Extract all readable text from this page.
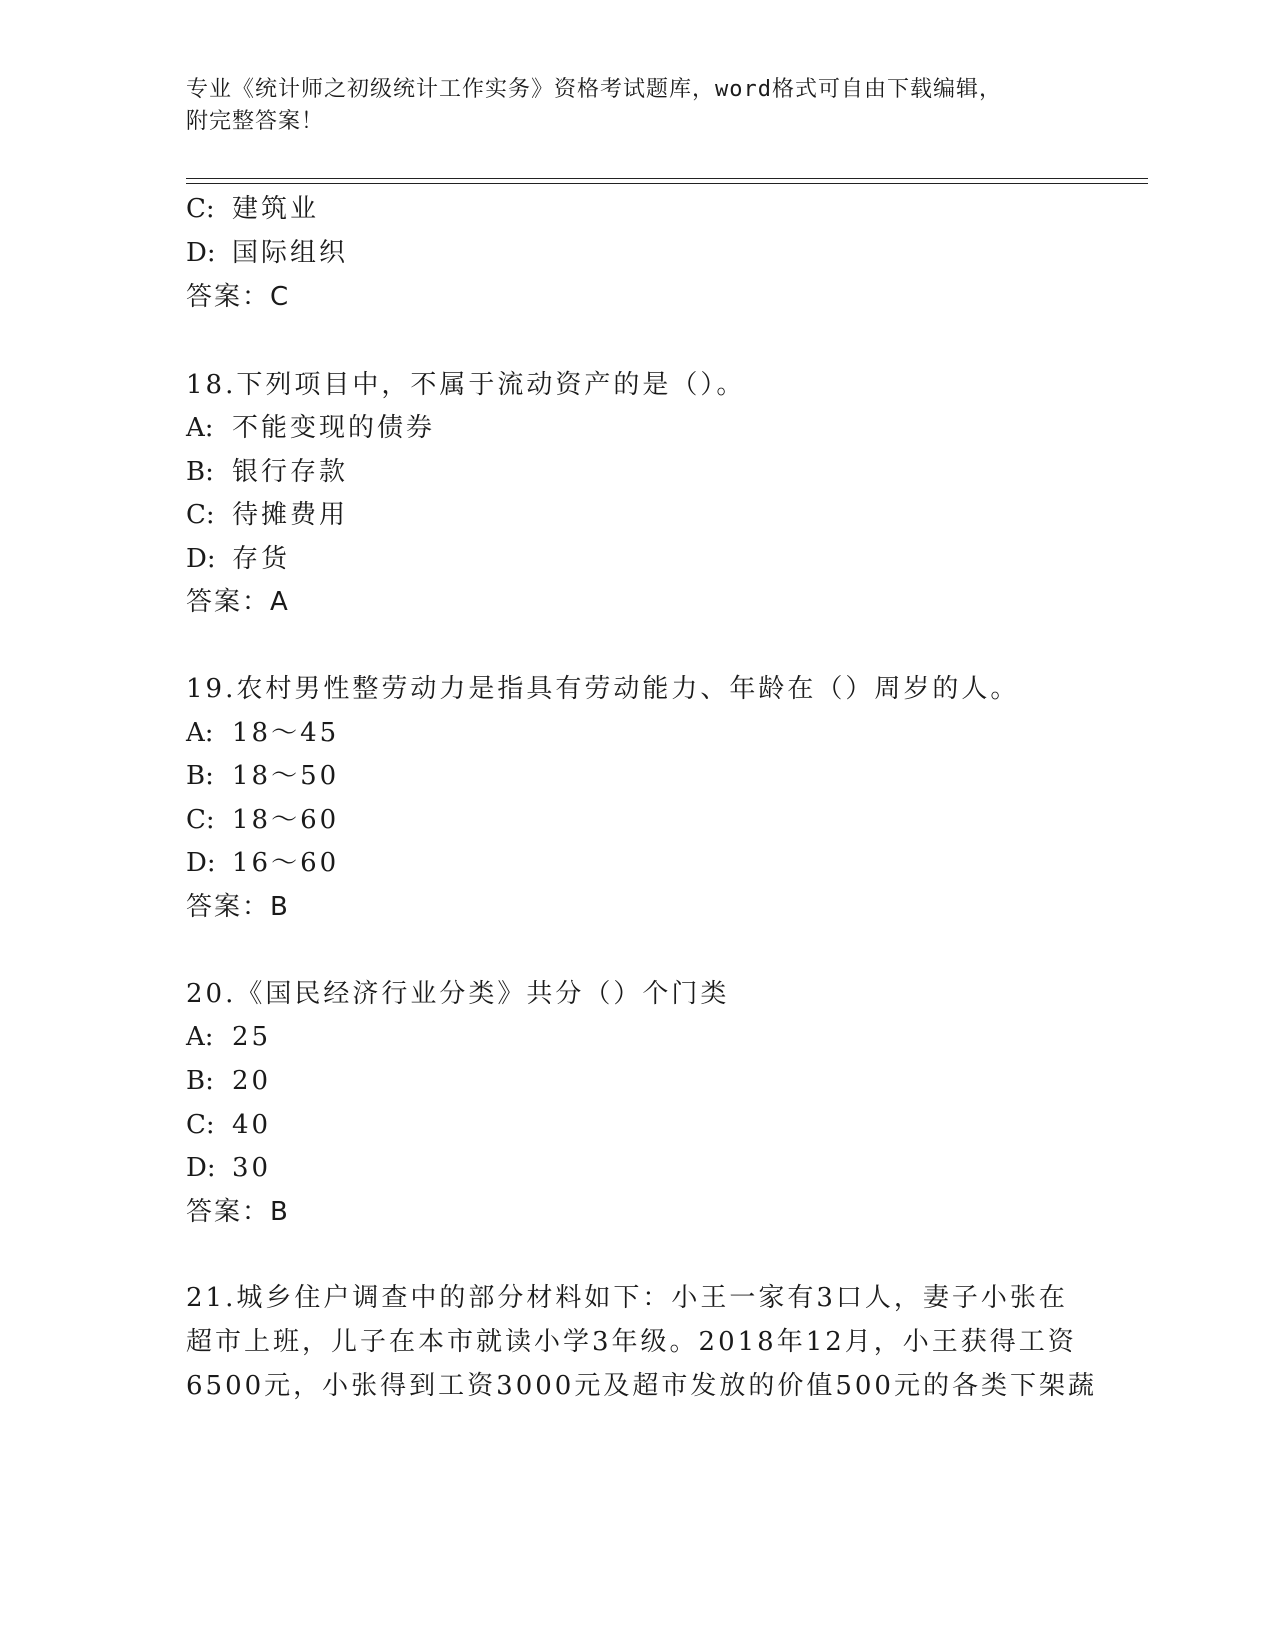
专业《统计师之初级统计工作实务》资格考试题库，word格式可自由下载编辑，
附完整答案！
C: 建筑业
D: 国际组织
答案：C
18.下列项目中，不属于流动资产的是（）。
A: 不能变现的债券
B: 银行存款
C: 待摊费用
D: 存货
答案：A
19.农村男性整劳动力是指具有劳动能力、年龄在（）周岁的人。
A: 18～45
B: 18～50
C: 18～60
D: 16～60
答案：B
20.《国民经济行业分类》共分（）个门类
A: 25
B: 20
C: 40
D: 30
答案：B
21.城乡住户调查中的部分材料如下：小王一家有3口人，妻子小张在
超市上班，儿子在本市就读小学3年级。2018年12月，小王获得工资
6500元，小张得到工资3000元及超市发放的价值500元的各类下架蔬
